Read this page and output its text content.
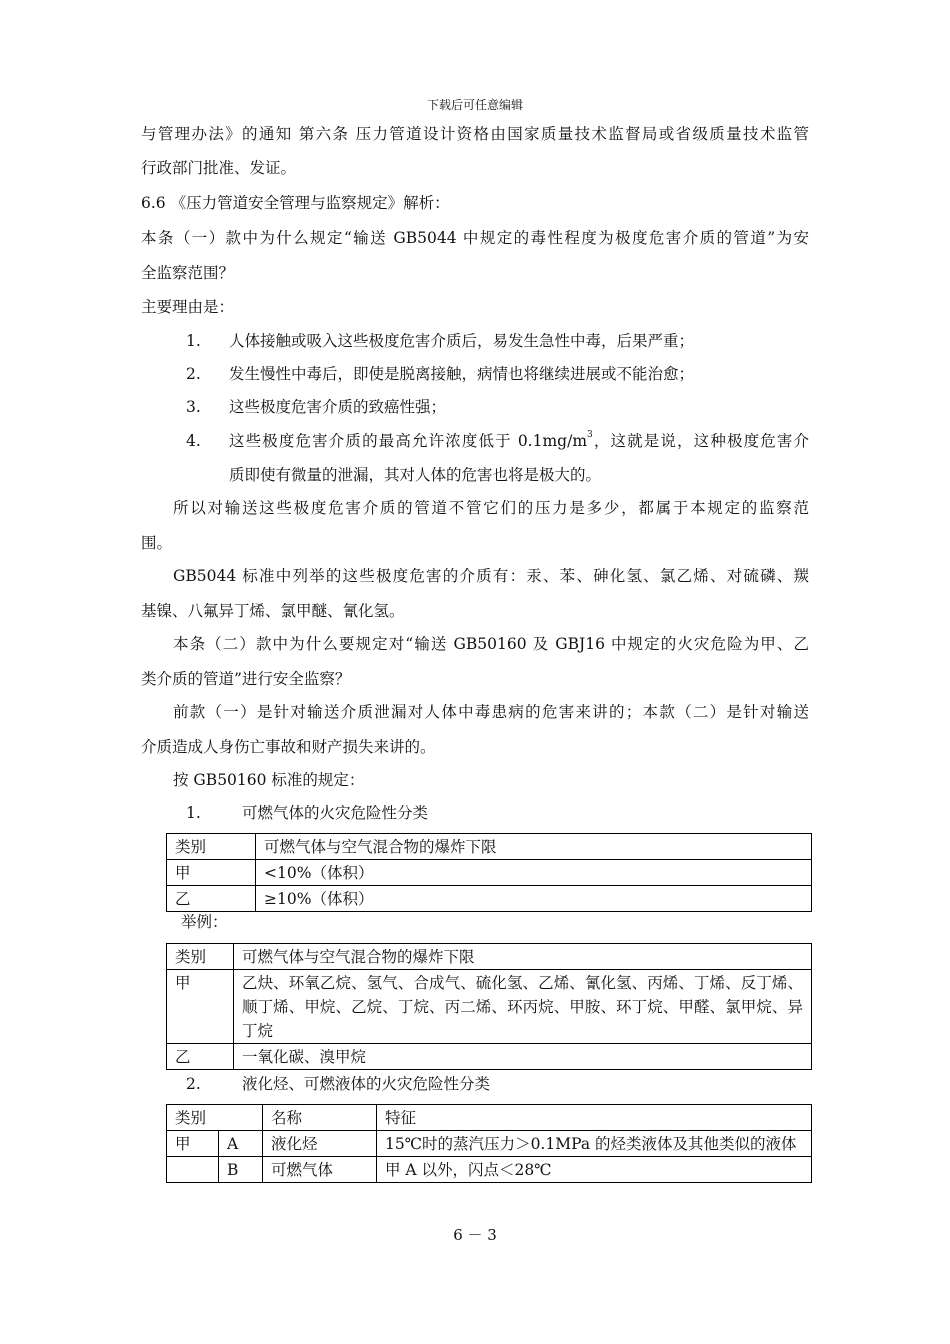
下载后可任意编辑
与管理办法》的通知 第六条 压力管道设计资格由国家质量技术监督局或省级质量技术监管
行政部门批准、发证。
6.6 《压力管道安全管理与监察规定》解析：
本条（一）款中为什么规定“输送 GB5044 中规定的毒性程度为极度危害介质的管道”为安
全监察范围？
主要理由是：
1. 人体接触或吸入这些极度危害介质后，易发生急性中毒，后果严重；
2. 发生慢性中毒后，即使是脱离接触，病情也将继续进展或不能治愈；
3. 这些极度危害介质的致癌性强；
4. 这些极度危害介质的最高允许浓度低于 $0.1mg/m^3$，这就是说，这种极度危害介
质即使有微量的泄漏，其对人体的危害也将是极大的。
所以对输送这些极度危害介质的管道不管它们的压力是多少，都属于本规定的监察范
围。
GB5044 标准中列举的这些极度危害的介质有：汞、苯、砷化氢、氯乙烯、对硫磷、羰
基镍、八氟异丁烯、氯甲醚、氰化氢。
本条（二）款中为什么要规定对“输送 GB50160 及 GBJ16 中规定的火灾危险为甲、乙
类介质的管道”进行安全监察？
前款（一）是针对输送介质泄漏对人体中毒患病的危害来讲的；本款（二）是针对输送
介质造成人身伤亡事故和财产损失来讲的。
按 GB50160 标准的规定：
1.	可燃气体的火灾危险性分类
类别	可燃气体与空气混合物的爆炸下限
甲	<10%（体积）
乙	≥10%（体积）
举例：
类别	可燃气体与空气混合物的爆炸下限
甲	乙炔、环氧乙烷、氢气、合成气、硫化氢、乙烯、氰化氢、丙烯、丁烯、反丁烯、顺丁烯、甲烷、乙烷、丁烷、丙二烯、环丙烷、甲胺、环丁烷、甲醛、氯甲烷、异丁烷
乙	一氧化碳、溴甲烷
2.	液化烃、可燃液体的火灾危险性分类
类别		名称	特征
甲	A	液化烃	15℃时的蒸汽压力＞0.1MPa 的烃类液体及其他类似的液体
	B	可燃气体	甲 A 以外，闪点＜28℃
6 － 3
